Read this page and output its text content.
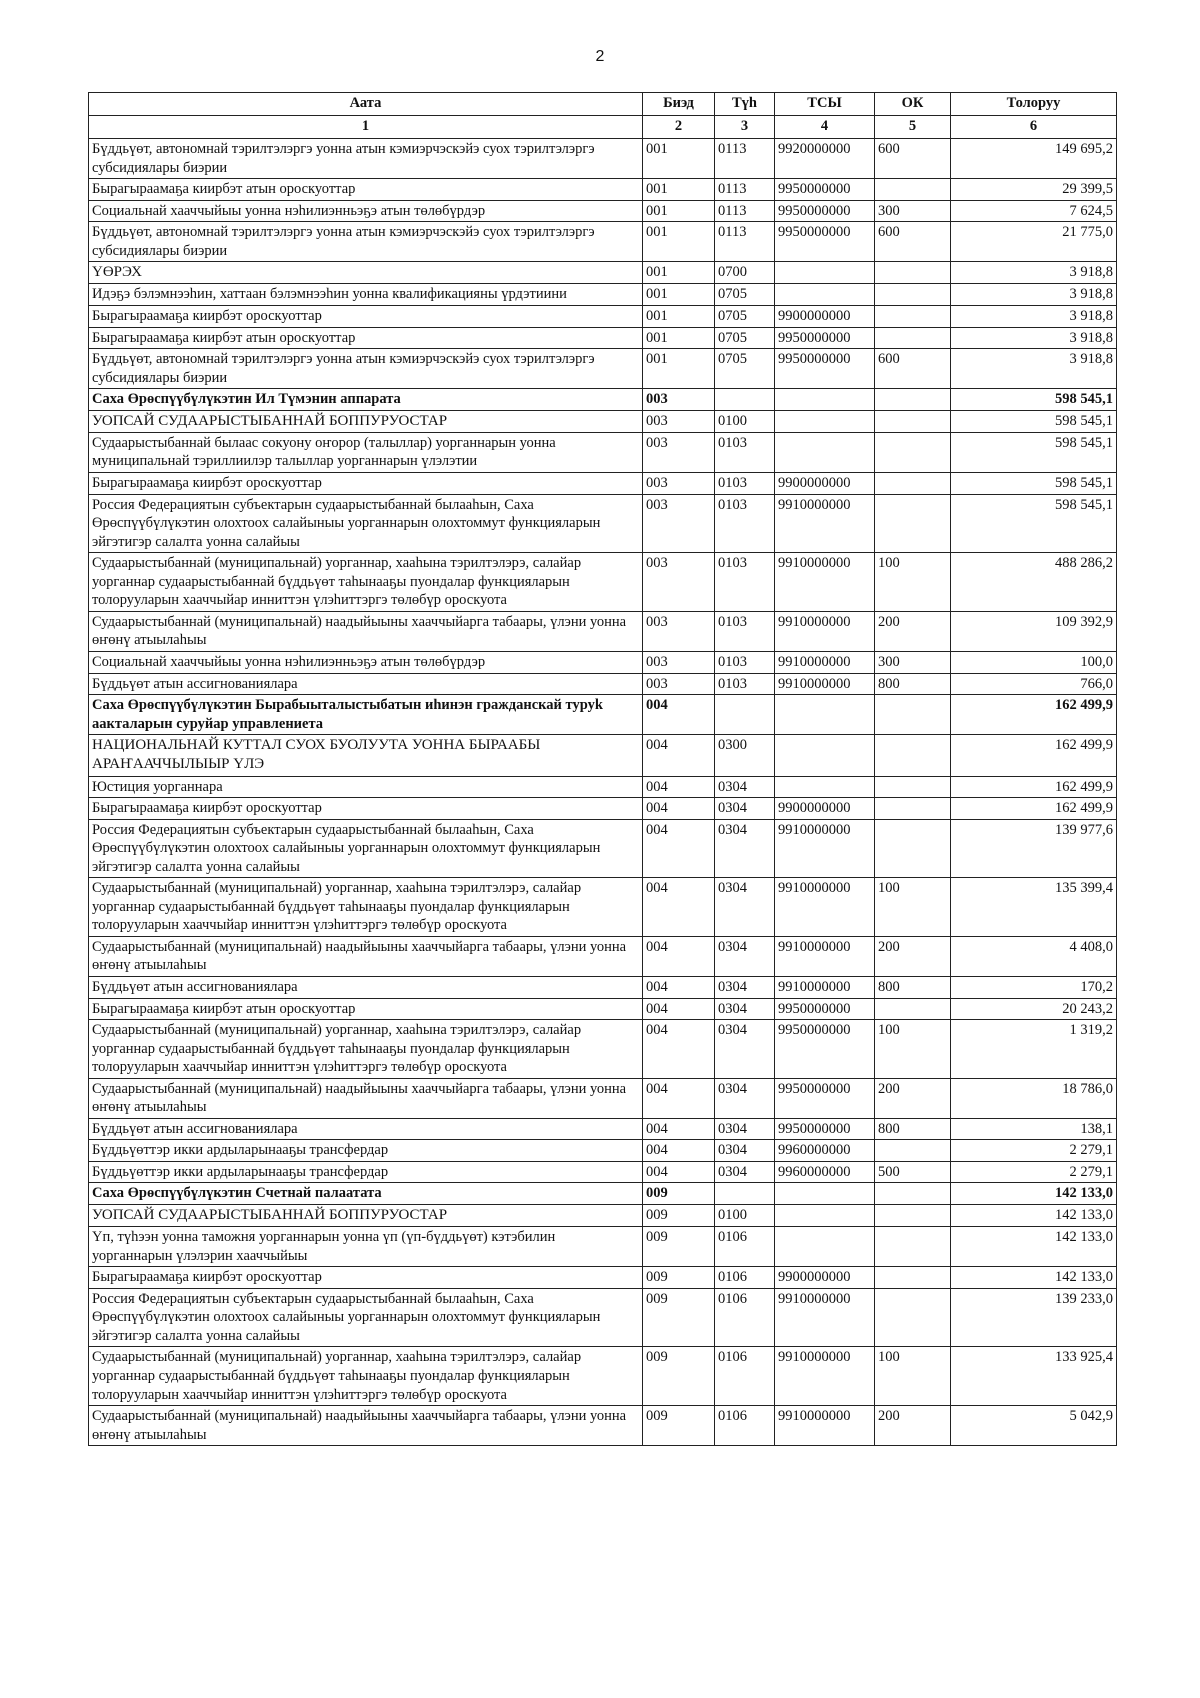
2
Аата	Биэд	Түһ	ТСЫ	ОК	Толоруу
1	2	3	4	5	6
Бүддьүөт, автономнай тэрилтэлэргэ уонна атын кэмиэрчэскэйэ суох тэрилтэлэргэ субсидиялары биэрии	001	0113	9920000000	600	149 695,2
Бырагыраамаҕа киирбэт атын ороскуоттар	001	0113	9950000000		29 399,5
Социальнай хааччыйыы уонна нэһилиэнньэҕэ атын төлөбүрдэр	001	0113	9950000000	300	7 624,5
Бүддьүөт, автономнай тэрилтэлэргэ уонна атын кэмиэрчэскэйэ суох тэрилтэлэргэ субсидиялары биэрии	001	0113	9950000000	600	21 775,0
ҮӨРЭХ	001	0700			3 918,8
Идэҕэ бэлэмнээһин, хаттаан бэлэмнээһин уонна квалификацияны үрдэтиини	001	0705			3 918,8
Бырагыраамаҕа киирбэт ороскуоттар	001	0705	9900000000		3 918,8
Бырагыраамаҕа киирбэт атын ороскуоттар	001	0705	9950000000		3 918,8
Бүддьүөт, автономнай тэрилтэлэргэ уонна атын кэмиэрчэскэйэ суох тэрилтэлэргэ субсидиялары биэрии	001	0705	9950000000	600	3 918,8
Саха Өрөспүүбүлүкэтин Ил Түмэнин аппарата	003				598 545,1
УОПСАЙ СУДААРЫСТЫБАННАЙ БОППУРУОСТАР	003	0100			598 545,1
Судаарыстыбаннай былаас сокуону оҥорор (талыллар) уорганнарын уонна муниципальнай тэриллиилэр талыллар уорганнарын үлэлэтии	003	0103			598 545,1
Бырагыраамаҕа киирбэт ороскуоттар	003	0103	9900000000		598 545,1
Россия Федерациятын субъектарын судаарыстыбаннай былааһын, Саха Өрөспүүбүлүкэтин олохтоох салайыныы уорганнарын олохтоммут функцияларын эйгэтигэр салалта уонна салайыы	003	0103	9910000000		598 545,1
Судаарыстыбаннай (муниципальнай) уорганнар, хааһына тэрилтэлэрэ, салайар уорганнар судаарыстыбаннай бүддьүөт таһынааҕы пуондалар функцияларын толорууларын хааччыйар инниттэн үлэһиттэргэ төлөбүр ороскуота	003	0103	9910000000	100	488 286,2
Судаарыстыбаннай (муниципальнай) наадыйыыны хааччыйарга табаары, үлэни уонна өҥөнү атыылаһыы	003	0103	9910000000	200	109 392,9
Социальнай хааччыйыы уонна нэһилиэнньэҕэ атын төлөбүрдэр	003	0103	9910000000	300	100,0
Бүддьүөт атын ассигнованиялара	003	0103	9910000000	800	766,0
Саха Өрөспүүбүлүкэтин Бырабыыталыстыбатын иһинэн гражданскай туруk аакталарын суруйар управлениета	004				162 499,9
НАЦИОНАЛЬНАЙ КУТТАЛ СУОХ БУОЛУУТА УОННА БЫРААБЫ АРАҤААЧЧЫЛЫЫР ҮЛЭ	004	0300			162 499,9
Юстиция уорганнара	004	0304			162 499,9
Бырагыраамаҕа киирбэт ороскуоттар	004	0304	9900000000		162 499,9
Россия Федерациятын субъектарын судаарыстыбаннай былааһын, Саха Өрөспүүбүлүкэтин олохтоох салайыныы уорганнарын олохтоммут функцияларын эйгэтигэр салалта уонна салайыы	004	0304	9910000000		139 977,6
Судаарыстыбаннай (муниципальнай) уорганнар, хааһына тэрилтэлэрэ, салайар уорганнар судаарыстыбаннай бүддьүөт таһынааҕы пуондалар функцияларын толорууларын хааччыйар инниттэн үлэһиттэргэ төлөбүр ороскуота	004	0304	9910000000	100	135 399,4
Судаарыстыбаннай (муниципальнай) наадыйыыны хааччыйарга табаары, үлэни уонна өҥөнү атыылаһыы	004	0304	9910000000	200	4 408,0
Бүддьүөт атын ассигнованиялара	004	0304	9910000000	800	170,2
Бырагыраамаҕа киирбэт атын ороскуоттар	004	0304	9950000000		20 243,2
Судаарыстыбаннай (муниципальнай) уорганнар, хааһына тэрилтэлэрэ, салайар уорганнар судаарыстыбаннай бүддьүөт таһынааҕы пуондалар функцияларын толорууларын хааччыйар инниттэн үлэһиттэргэ төлөбүр ороскуота	004	0304	9950000000	100	1 319,2
Судаарыстыбаннай (муниципальнай) наадыйыыны хааччыйарга табаары, үлэни уонна өҥөнү атыылаһыы	004	0304	9950000000	200	18 786,0
Бүддьүөт атын ассигнованиялара	004	0304	9950000000	800	138,1
Бүддьүөттэр икки ардыларынааҕы трансфердар	004	0304	9960000000		2 279,1
Бүддьүөттэр икки ардыларынааҕы трансфердар	004	0304	9960000000	500	2 279,1
Саха Өрөспүүбүлүкэтин Счетнай палаатата	009				142 133,0
УОПСАЙ СУДААРЫСТЫБАННАЙ БОППУРУОСТАР	009	0100			142 133,0
Үп, түһээн уонна таможня уорганнарын уонна үп (үп-бүддьүөт) кэтэбилин уорганнарын үлэлэрин хааччыйыы	009	0106			142 133,0
Бырагыраамаҕа киирбэт ороскуоттар	009	0106	9900000000		142 133,0
Россия Федерациятын субъектарын судаарыстыбаннай былааһын, Саха Өрөспүүбүлүкэтин олохтоох салайыныы уорганнарын олохтоммут функцияларын эйгэтигэр салалта уонна салайыы	009	0106	9910000000		139 233,0
Судаарыстыбаннай (муниципальнай) уорганнар, хааһына тэрилтэлэрэ, салайар уорганнар судаарыстыбаннай бүддьүөт таһынааҕы пуондалар функцияларын толорууларын хааччыйар инниттэн үлэһиттэргэ төлөбүр ороскуота	009	0106	9910000000	100	133 925,4
Судаарыстыбаннай (муниципальнай) наадыйыыны хааччыйарга табаары, үлэни уонна өҥөнү атыылаһыы	009	0106	9910000000	200	5 042,9
